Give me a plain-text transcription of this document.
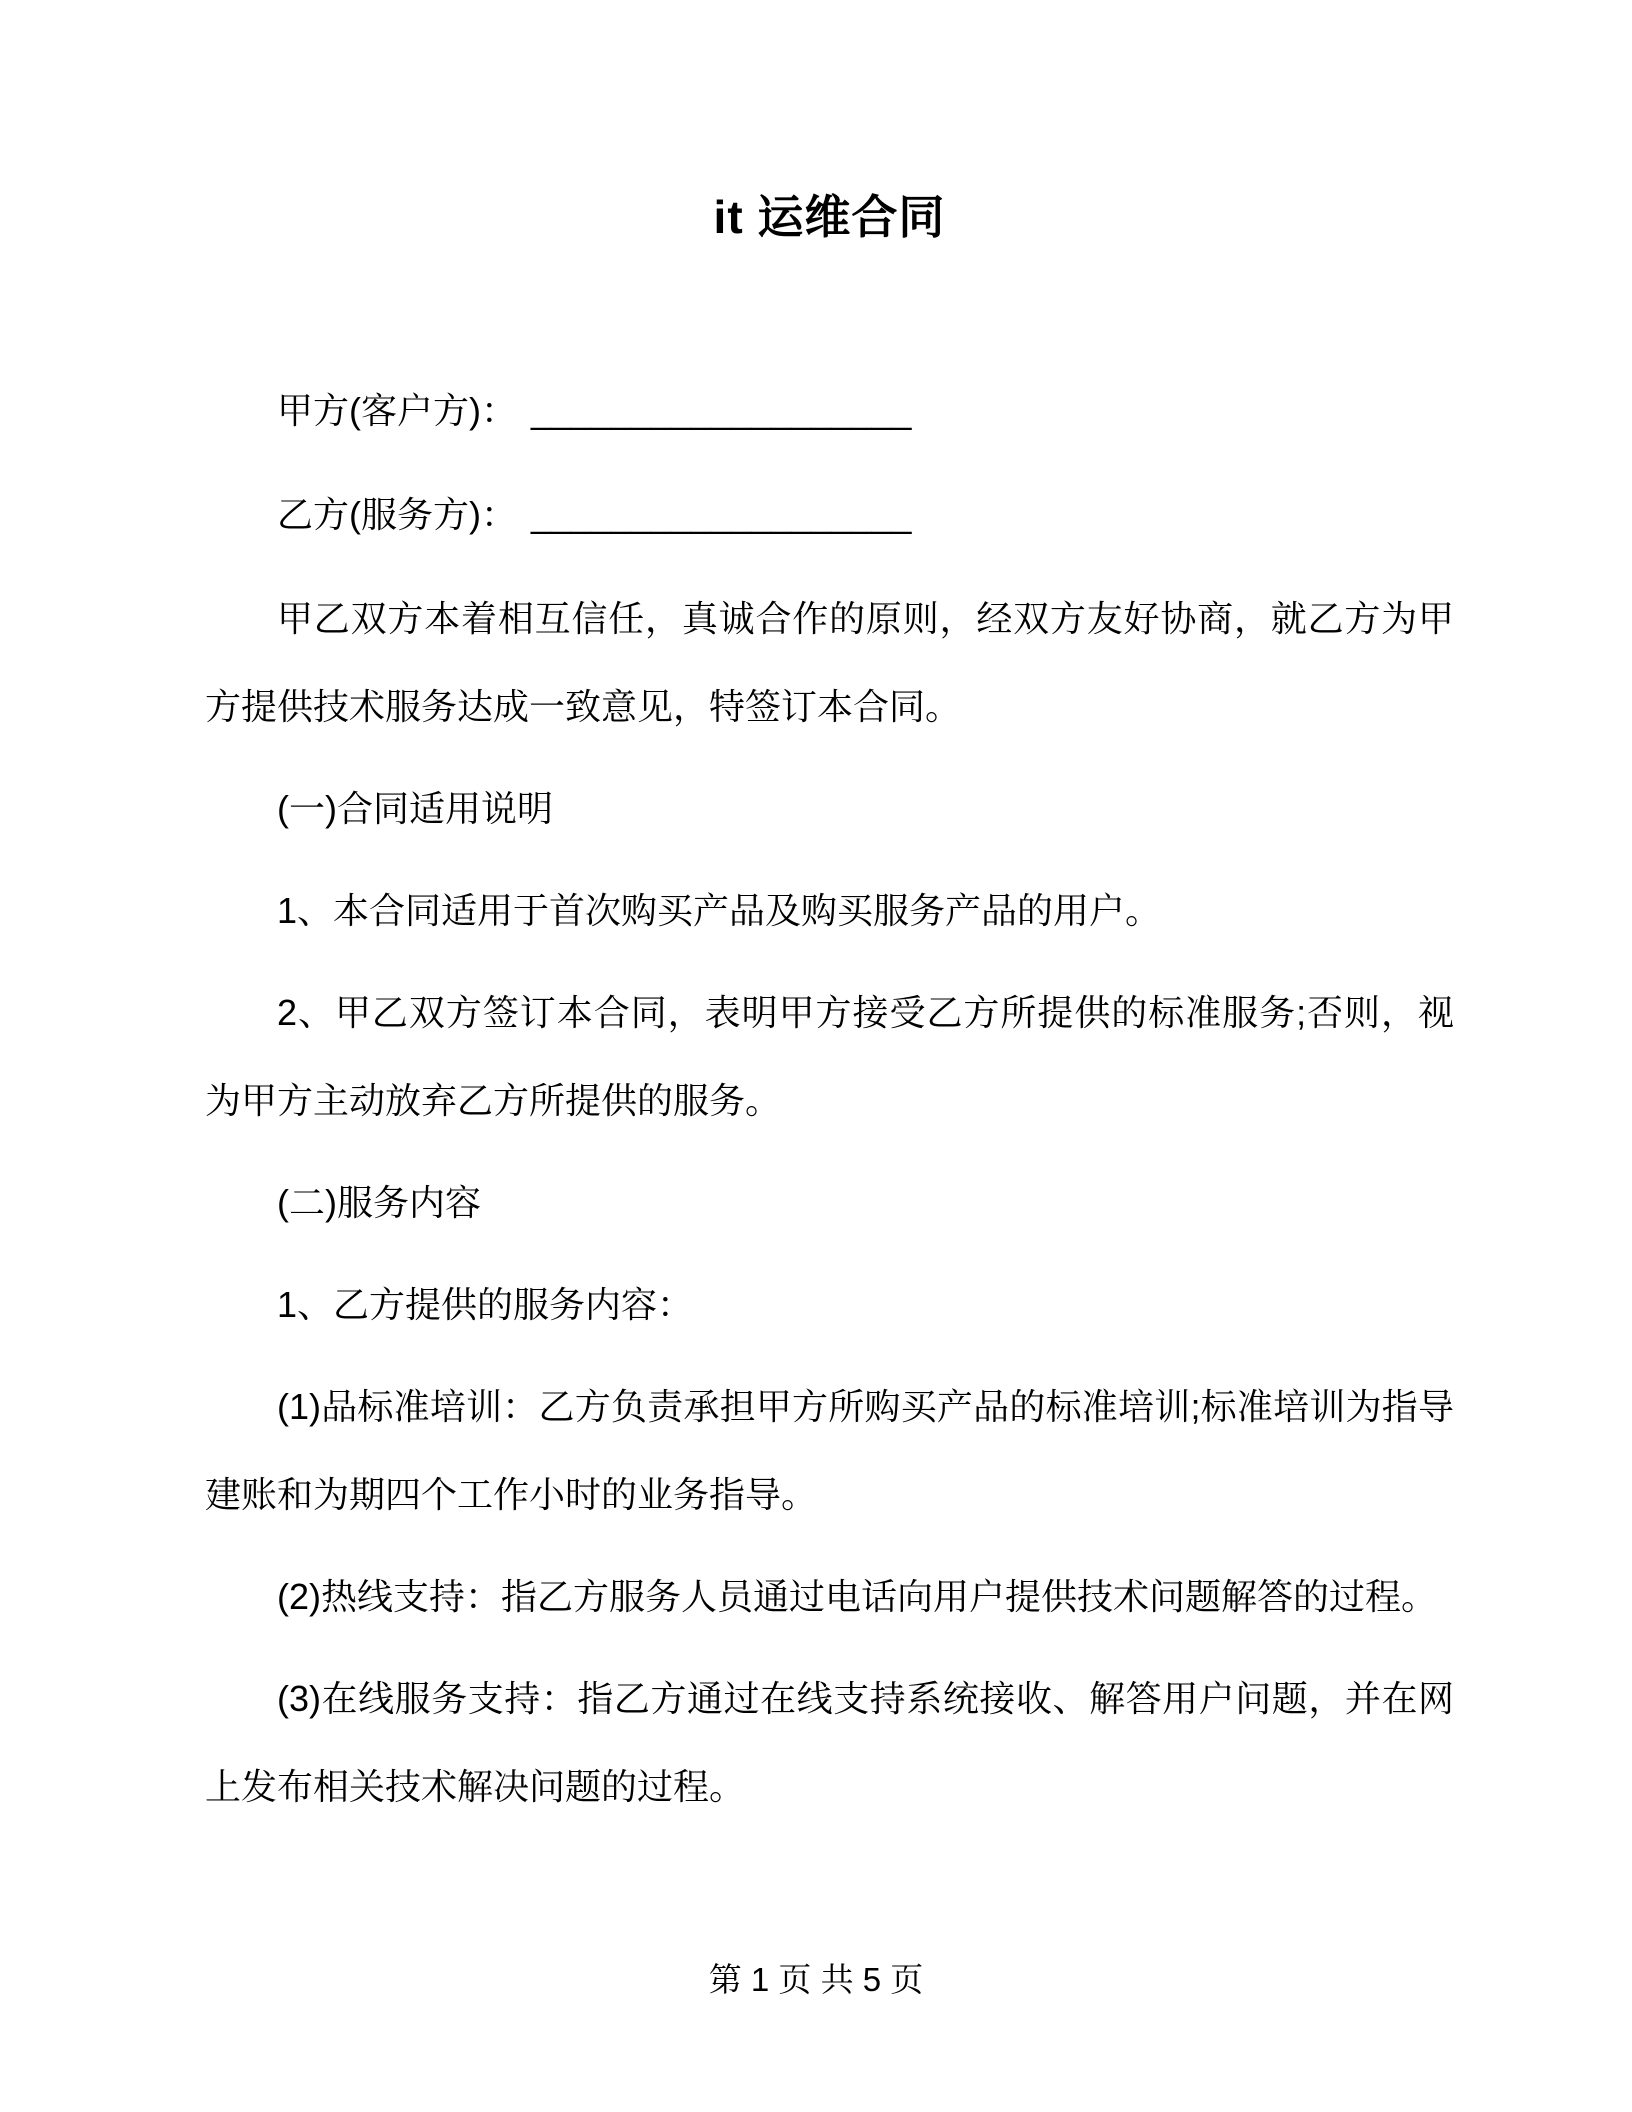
it 运维合同

甲方(客户方)： ___________________

乙方(服务方)： ___________________

甲乙双方本着相互信任，真诚合作的原则，经双方友好协商，就乙方为甲方提供技术服务达成一致意见，特签订本合同。

(一)合同适用说明

1、本合同适用于首次购买产品及购买服务产品的用户。

2、甲乙双方签订本合同，表明甲方接受乙方所提供的标准服务;否则，视为甲方主动放弃乙方所提供的服务。

(二)服务内容

1、乙方提供的服务内容：

(1)品标准培训：乙方负责承担甲方所购买产品的标准培训;标准培训为指导建账和为期四个工作小时的业务指导。

(2)热线支持：指乙方服务人员通过电话向用户提供技术问题解答的过程。

(3)在线服务支持：指乙方通过在线支持系统接收、解答用户问题，并在网上发布相关技术解决问题的过程。

第 1 页 共 5 页
